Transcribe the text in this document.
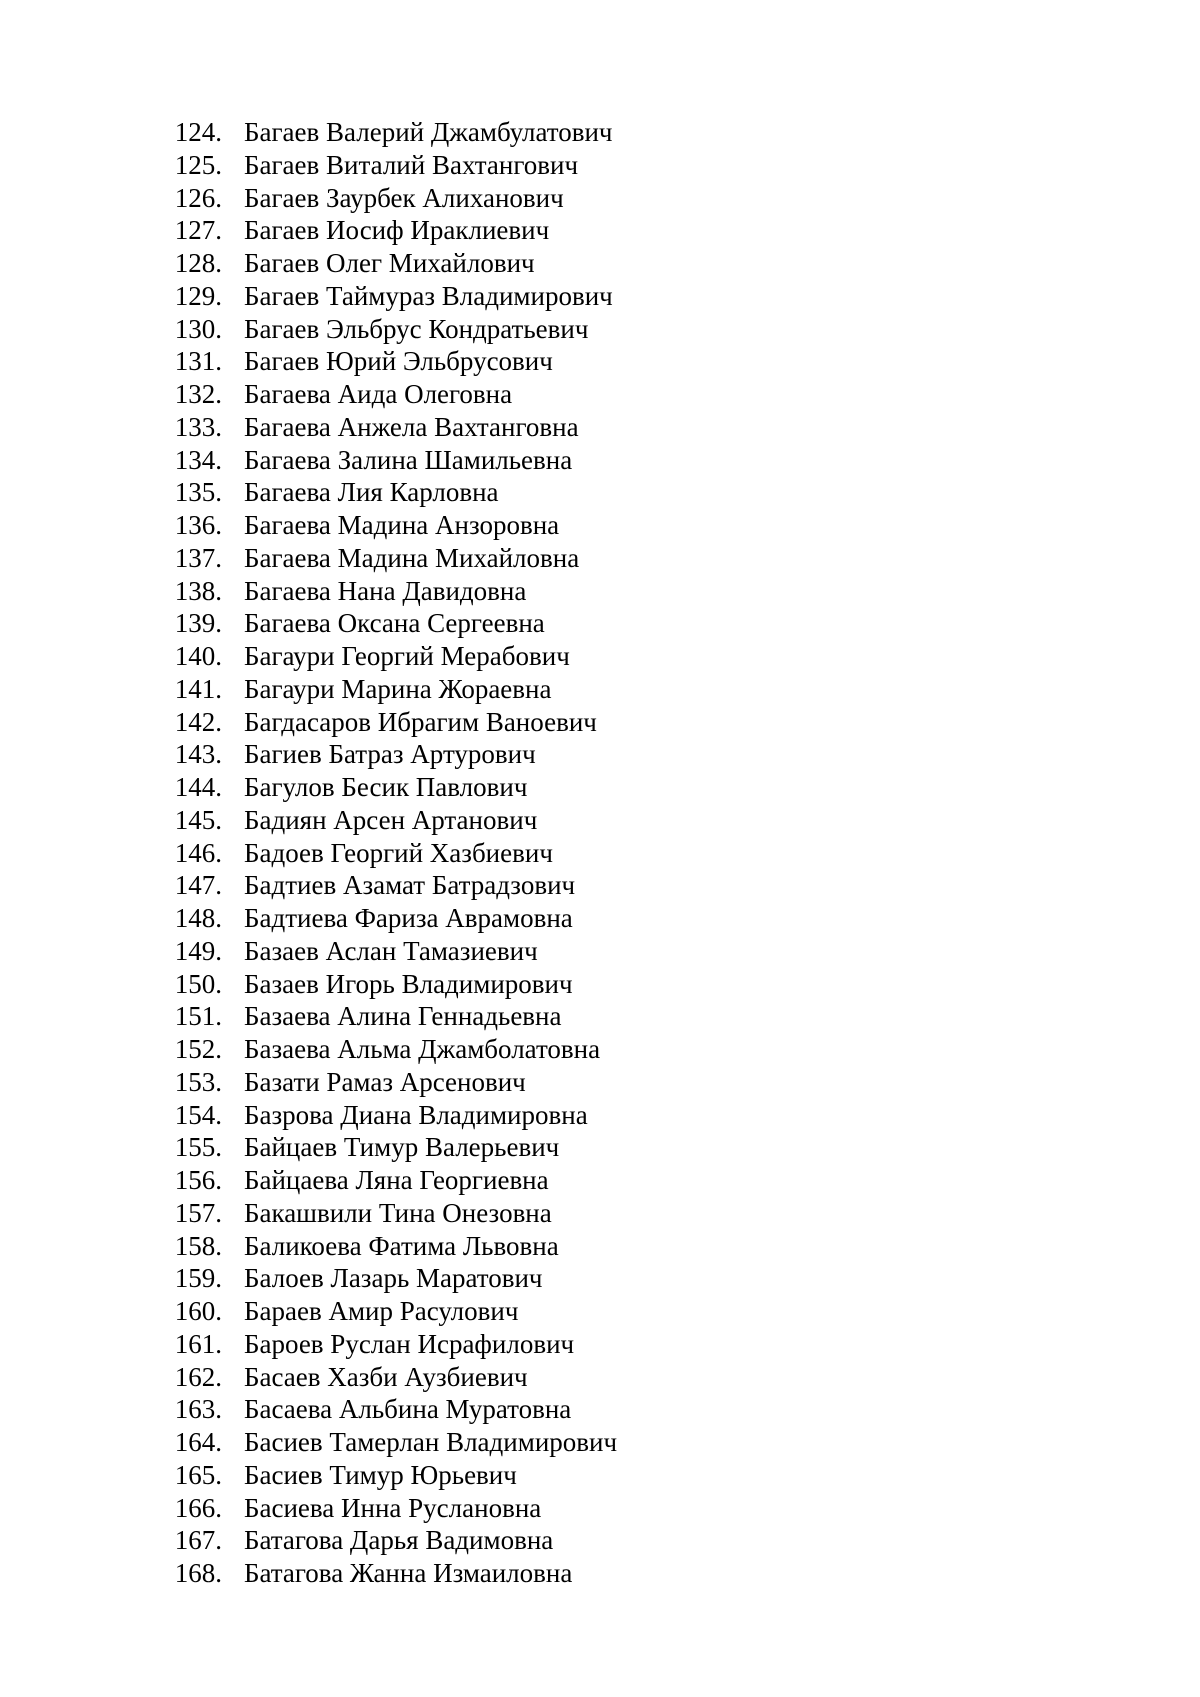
124. Багаев Валерий Джамбулатович
125. Багаев Виталий Вахтангович
126. Багаев Заурбек Алиханович
127. Багаев Иосиф Ираклиевич
128. Багаев Олег Михайлович
129. Багаев Таймураз Владимирович
130. Багаев Эльбрус Кондратьевич
131. Багаев Юрий Эльбрусович
132. Багаева Аида Олеговна
133. Багаева Анжела Вахтанговна
134. Багаева Залина Шамильевна
135. Багаева Лия Карловна
136. Багаева Мадина Анзоровна
137. Багаева Мадина Михайловна
138. Багаева Нана Давидовна
139. Багаева Оксана Сергеевна
140. Багаури Георгий Мерабович
141. Багаури Марина Жораевна
142. Багдасаров Ибрагим Ваноевич
143. Багиев Батраз Артурович
144. Багулов Бесик Павлович
145. Бадиян Арсен Артанович
146. Бадоев Георгий Хазбиевич
147. Бадтиев Азамат Батрадзович
148. Бадтиева Фариза Аврамовна
149. Базаев Аслан Тамазиевич
150. Базаев Игорь Владимирович
151. Базаева Алина Геннадьевна
152. Базаева Альма Джамболатовна
153. Базати Рамаз Арсенович
154. Базрова Диана Владимировна
155. Байцаев Тимур Валерьевич
156. Байцаева Ляна Георгиевна
157. Бакашвили Тина Онезовна
158. Баликоева Фатима Львовна
159. Балоев Лазарь Маратович
160. Бараев Амир Расулович
161. Бароев Руслан Исрафилович
162. Басаев Хазби Аузбиевич
163. Басаева Альбина Муратовна
164. Басиев Тамерлан Владимирович
165. Басиев Тимур Юрьевич
166. Басиева Инна Руслановна
167. Батагова Дарья Вадимовна
168. Батагова Жанна Измаиловна
